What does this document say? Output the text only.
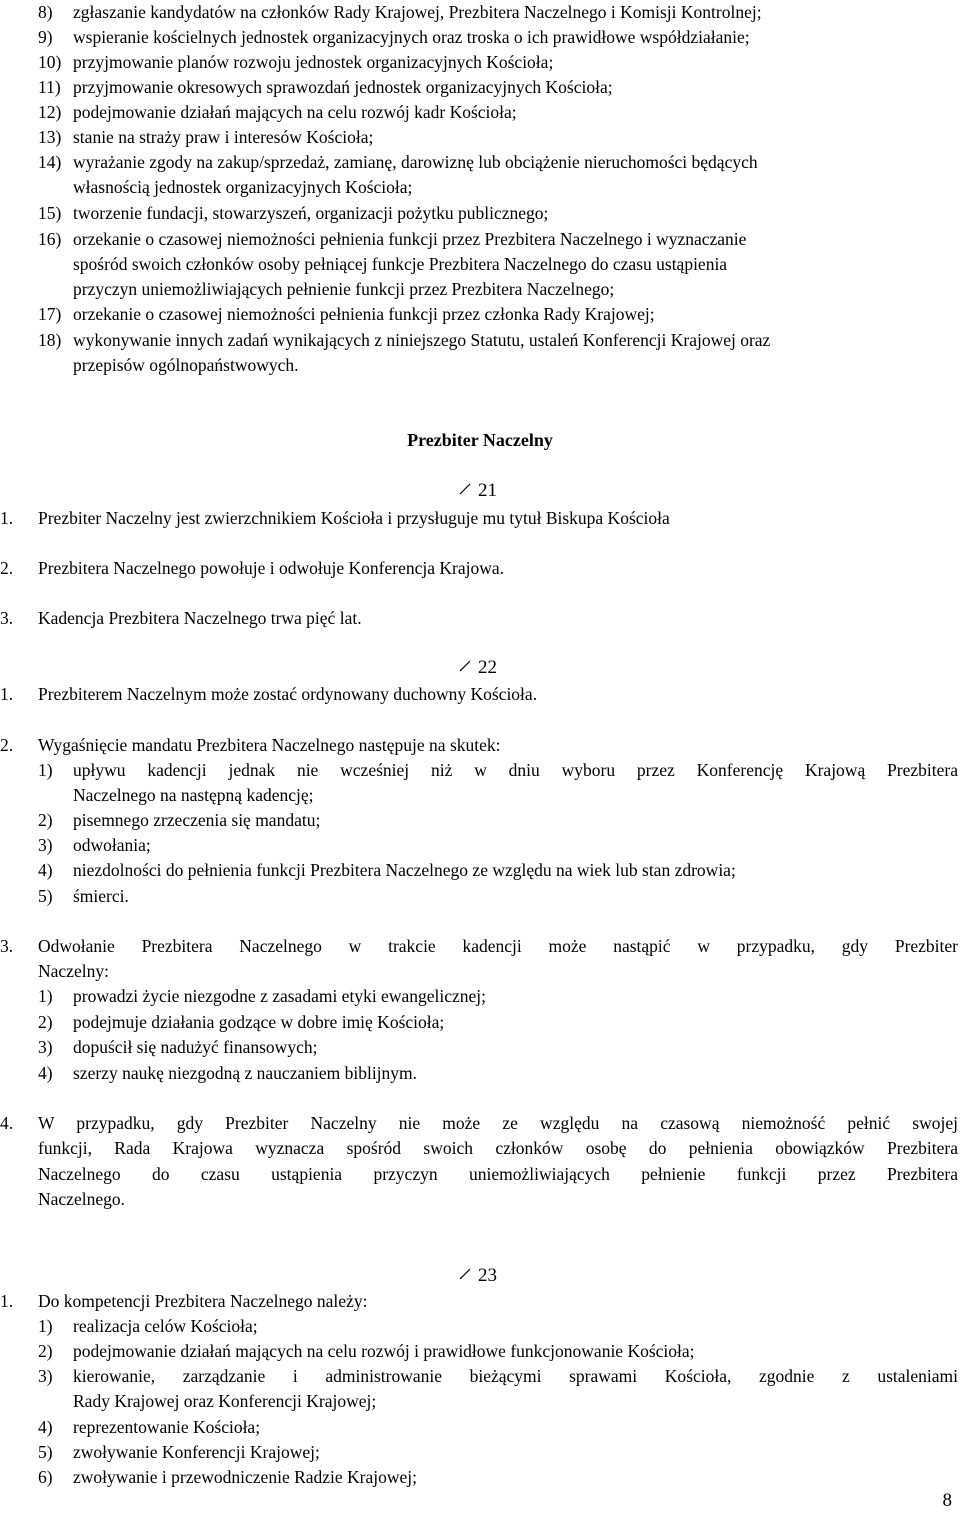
8) zgłaszanie kandydatów na członków Rady Krajowej, Prezbitera Naczelnego i Komisji Kontrolnej;
9) wspieranie kościelnych jednostek organizacyjnych oraz troska o ich prawidłowe współdziałanie;
10) przyjmowanie planów rozwoju jednostek organizacyjnych Kościoła;
11) przyjmowanie okresowych sprawozdań jednostek organizacyjnych Kościoła;
12) podejmowanie działań mających na celu rozwój kadr Kościoła;
13) stanie na straży praw i interesów Kościoła;
14) wyrażanie zgody na zakup/sprzedaż, zamianę, darowiznę lub obciążenie nieruchomości będących
własnością jednostek organizacyjnych Kościoła;
15) tworzenie fundacji, stowarzyszeń, organizacji pożytku publicznego;
16) orzekanie o czasowej niemożności pełnienia funkcji przez Prezbitera Naczelnego i wyznaczanie
spośród swoich członków osoby pełniącej funkcje Prezbitera Naczelnego do czasu ustąpienia
przyczyn uniemożliwiających pełnienie funkcji przez Prezbitera Naczelnego;
17) orzekanie o czasowej niemożności pełnienia funkcji przez członka Rady Krajowej;
18) wykonywanie innych zadań wynikających z niniejszego Statutu, ustaleń Konferencji Krajowej oraz
przepisów ogólnopaństwowych.
Prezbiter Naczelny
21
1. Prezbiter Naczelny jest zwierzchnikiem Kościoła i przysługuje mu tytuł Biskupa Kościoła
2. Prezbitera Naczelnego powołuje i odwołuje Konferencja Krajowa.
3. Kadencja Prezbitera Naczelnego trwa pięć lat.
22
1. Prezbiterem Naczelnym może zostać ordynowany duchowny Kościoła.
2. Wygaśnięcie mandatu Prezbitera Naczelnego następuje na skutek:
1) upływu kadencji jednak nie wcześniej niż w dniu wyboru przez Konferencję Krajową Prezbitera
Naczelnego na następną kadencję;
2) pisemnego zrzeczenia się mandatu;
3) odwołania;
4) niezdolności do pełnienia funkcji Prezbitera Naczelnego ze względu na wiek lub stan zdrowia;
5) śmierci.
3. Odwołanie Prezbitera Naczelnego w trakcie kadencji może nastąpić w przypadku, gdy Prezbiter
Naczelny:
1) prowadzi życie niezgodne z zasadami etyki ewangelicznej;
2) podejmuje działania godzące w dobre imię Kościoła;
3) dopuścił się nadużyć finansowych;
4) szerzy naukę niezgodną z nauczaniem biblijnym.
4. W przypadku, gdy Prezbiter Naczelny nie może ze względu na czasową niemożność pełnić swojej
funkcji, Rada Krajowa wyznacza spośród swoich członków osobę do pełnienia obowiązków Prezbitera
Naczelnego do czasu ustąpienia przyczyn uniemożliwiających pełnienie funkcji przez Prezbitera
Naczelnego.
23
1. Do kompetencji Prezbitera Naczelnego należy:
1) realizacja celów Kościoła;
2) podejmowanie działań mających na celu rozwój i prawidłowe funkcjonowanie Kościoła;
3) kierowanie, zarządzanie i administrowanie bieżącymi sprawami Kościoła, zgodnie z ustaleniami
Rady Krajowej oraz Konferencji Krajowej;
4) reprezentowanie Kościoła;
5) zwoływanie Konferencji Krajowej;
6) zwoływanie i przewodniczenie Radzie Krajowej;
8
